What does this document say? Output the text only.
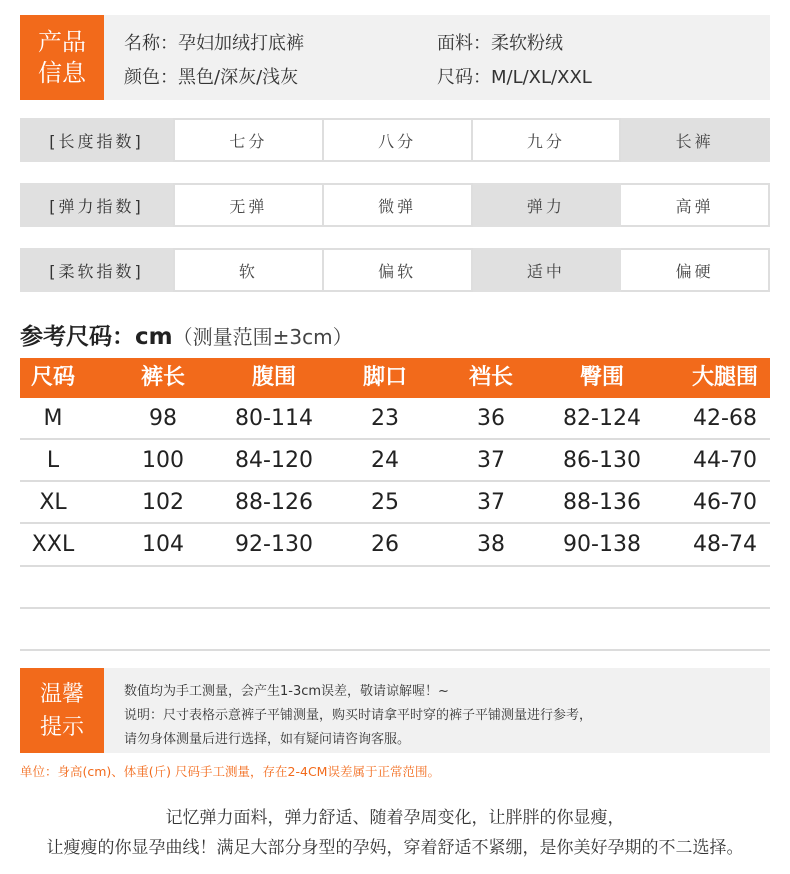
产品
信息
名称：孕妇加绒打底裤	面料：柔软粉绒
颜色：黑色/深灰/浅灰	尺码：M/L/XL/XXL
[长度指数]	七分	八分	九分	长裤
[弹力指数]	无弹	微弹	弹力	高弹
[柔软指数]	软	偏软	适中	偏硬
参考尺码：cm（测量范围±3cm）
尺码	裤长	腹围	脚口	裆长	臀围	大腿围
M	98	80-114	23	36	82-124	42-68
L	100	84-120	24	37	86-130	44-70
XL	102	88-126	25	37	88-136	46-70
XXL	104	92-130	26	38	90-138	48-74
温馨
提示
数值均为手工测量，会产生1-3cm误差，敬请谅解喔！~
说明：尺寸表格示意裤子平铺测量，购买时请拿平时穿的裤子平铺测量进行参考，
请勿身体测量后进行选择，如有疑问请咨询客服。
单位：身高(cm)、体重(斤) 尺码手工测量，存在2-4CM误差属于正常范围。
记忆弹力面料，弹力舒适、随着孕周变化，让胖胖的你显瘦，
让瘦瘦的你显孕曲线！满足大部分身型的孕妈，穿着舒适不紧绷，是你美好孕期的不二选择。
